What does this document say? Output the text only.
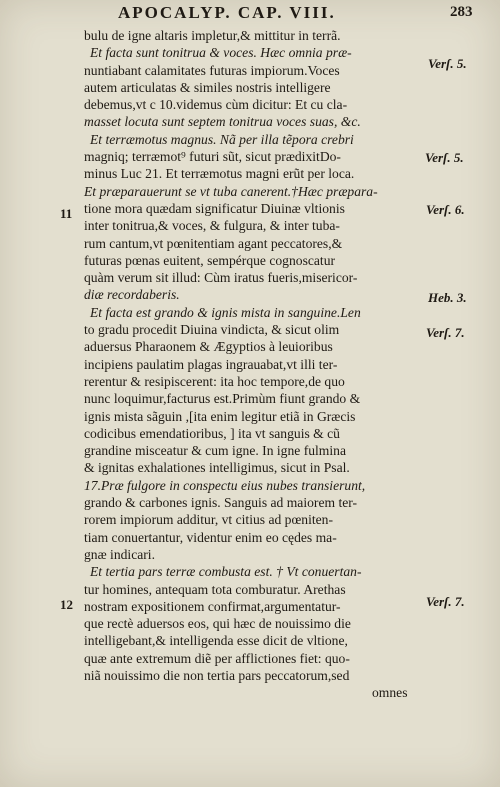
APOCALYP. CAP. VIII.	283
bulu de igne altaris impletur,& mittitur in terrã.
Et facta sunt tonitrua & voces. Hæc omnia præ-
nuntiabant calamitates futuras impiorum.Voces
autem articulatas & similes nostris intelligere
debemus,vt c 10.videmus cùm dicitur: Et cu cla-
masset locuta sunt septem tonitrua voces suas, &c.
Et terræmotus magnus. Nã per illa tẽpora crebri
magniq; terræmot⁹ futuri sũt, sicut prædixitDo-
minus Luc 21. Et terræmotus magni erũt per loca.
Et præparauerunt se vt tuba canerent.†Hæc præpara-
tione mora quædam significatur Diuinæ vltionis
inter tonitrua,& voces, & fulgura, & inter tuba-
rum cantum,vt pœnitentiam agant peccatores,&
futuras pœnas euitent, sempérque cognoscatur
quàm verum sit illud: Cùm iratus fueris,misericor-
diæ recordaberis.
Et facta est grando & ignis mista in sanguine.Len
to gradu procedit Diuina vindicta, & sicut olim
aduersus Pharaonem & Ægyptios à leuioribus
incipiens paulatim plagas ingrauabat,vt illi ter-
rerentur & resipiscerent: ita hoc tempore,de quo
nunc loquimur,facturus est.Primùm fiunt grando &
ignis mista sãguin ,[ita enim legitur etiã in Græcis
codicibus emendatioribus, ] ita vt sanguis & cũ
grandine misceatur & cum igne. In igne fulmina
& ignitas exhalationes intelligimus, sicut in Psal.
17.Præ fulgore in conspectu eius nubes transierunt,
grando & carbones ignis. Sanguis ad maiorem ter-
rorem impiorum additur, vt citius ad pœniten-
tiam conuertantur, videntur enim eo cędes ma-
gnæ indicari.
Et tertia pars terræ combusta est. † Vt conuertan-
tur homines, antequam tota comburatur. Arethas
nostram expositionem confirmat,argumentatur-
que rectè aduersos eos, qui hæc de nouissimo die
intelligebant,& intelligenda esse dicit de vltione,
quæ ante extremum diẽ per afflictiones fiet: quo-
niã nouissimo die non tertia pars peccatorum,sed
omnes
Verſ. 5.
Verſ. 5.
Verſ. 6.
Heb. 3.
Verſ. 7.
Verſ. 7.
11
12
